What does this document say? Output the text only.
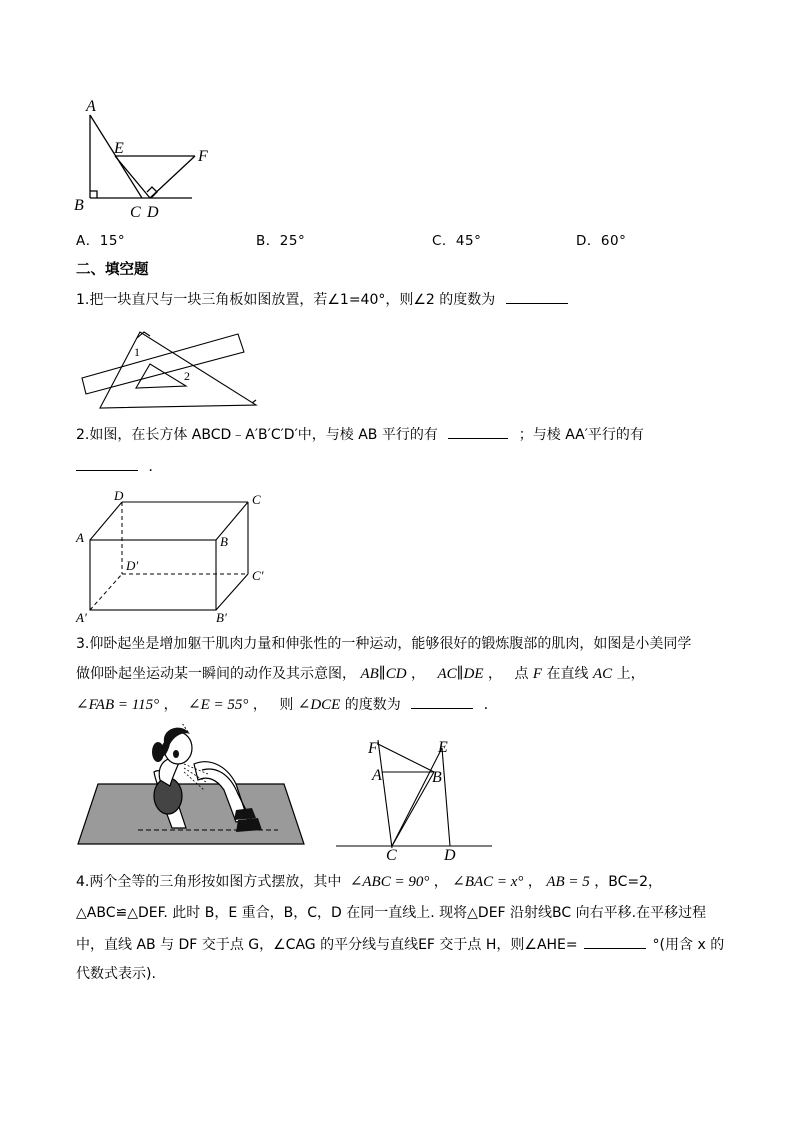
A
B	C D
E	F
A．15°	B．25°	C．45°	D．60°
二、填空题
1.把一块直尺与一块三角板如图放置，若∠1=40°，则∠2 的度数为
1
2
2.如图，在长方体 ABCD﹣A′B′C′D′中，与棱 AB 平行的有	；与棱 AA′平行的有
．
A	B
C
D
A′	B′
C′
D′
3.仰卧起坐是增加躯干肌肉力量和伸张性的一种运动，能够很好的锻炼腹部的肌肉，如图是小美同学
做仰卧起坐运动某一瞬间的动作及其示意图， AB∥CD ， AC∥DE ， 点 F 在直线 AC 上，
∠FAB = 115° ， ∠E = 55° ， 则 ∠DCE 的度数为	．
F	E
A	B
C	D
4.两个全等的三角形按如图方式摆放，其中 ∠ABC = 90° ， ∠BAC = x° ， AB = 5 ，BC=2，
△ABC≌△DEF. 此时 B，E 重合，B，C，D 在同一直线上. 现将△DEF 沿射线BC 向右平移.在平移过程
中，直线 AB 与 DF 交于点 G，∠CAG 的平分线与直线EF 交于点 H，则∠AHE=	°(用含 x 的
代数式表示).
